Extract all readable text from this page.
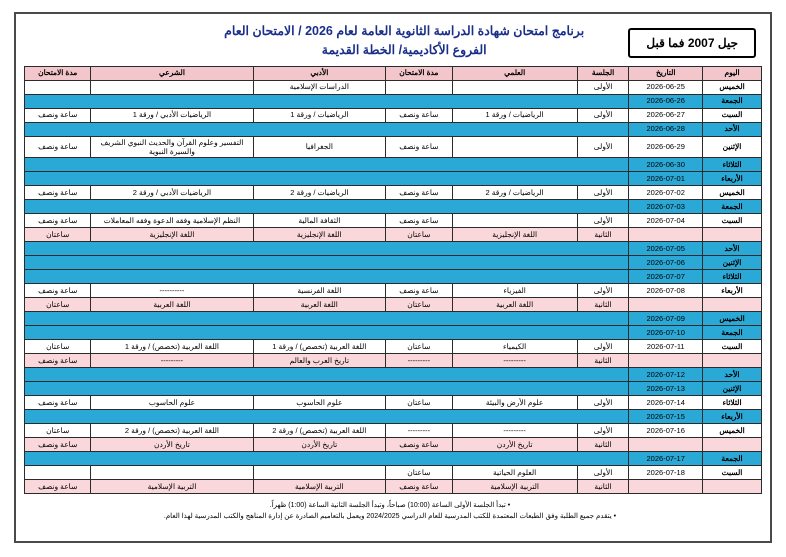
جيل 2007 فما قبل
برنامج امتحان شهادة الدراسة الثانوية العامة لعام 2026 / الامتحان العام
الفروع الأكاديمية/ الخطة القديمة
اليوم	التاريخ	الجلسة	العلمي	مدة الامتحان	الأدبي	الشرعي	مدة الامتحان
الخميس	2026-06-25	الأولى			الدراسات الإسلامية		
الجمعة	2026-06-26						
السبت	2026-06-27	الأولى	الرياضيات / ورقة 1	ساعة ونصف	الرياضيات / ورقة 1	الرياضيات الأدبي / ورقة 1	ساعة ونصف
الأحد	2026-06-28						
الإثنين	2026-06-29	الأولى		ساعة ونصف	الجغرافيا	التفسير وعلوم القرآن والحديث النبوي الشريف والسيرة النبوية	ساعة ونصف
الثلاثاء	2026-06-30						
الأربعاء	2026-07-01						
الخميس	2026-07-02	الأولى	الرياضيات / ورقة 2	ساعة ونصف	الرياضيات / ورقة 2	الرياضيات الأدبي / ورقة 2	ساعة ونصف
الجمعة	2026-07-03						
السبت	2026-07-04	الأولى		ساعة ونصف	الثقافة المالية	النظم الإسلامية وفقه الدعوة وفقه المعاملات	ساعة ونصف
		الثانية	اللغة الإنجليزية	ساعتان	اللغة الإنجليزية	اللغة الإنجليزية	ساعتان
الأحد	2026-07-05						
الإثنين	2026-07-06						
الثلاثاء	2026-07-07						
الأربعاء	2026-07-08	الأولى	الفيزياء	ساعة ونصف	اللغة الفرنسية	----------	ساعة ونصف
		الثانية	اللغة العربية	ساعتان	اللغة العربية	اللغة العربية	ساعتان
الخميس	2026-07-09						
الجمعة	2026-07-10						
السبت	2026-07-11	الأولى	الكيمياء	ساعتان	اللغة العربية (تخصص) / ورقة 1	اللغة العربية (تخصص) / ورقة 1	ساعتان
		الثانية	---------	---------	تاريخ العرب والعالم	---------	ساعة ونصف
الأحد	2026-07-12						
الإثنين	2026-07-13						
الثلاثاء	2026-07-14	الأولى	علوم الأرض والبيئة	ساعتان	علوم الحاسوب	علوم الحاسوب	ساعة ونصف
الأربعاء	2026-07-15						
الخميس	2026-07-16	الأولى	---------	---------	اللغة العربية (تخصص) / ورقة 2	اللغة العربية (تخصص) / ورقة 2	ساعتان
		الثانية	تاريخ الأردن	ساعة ونصف	تاريخ الأردن	تاريخ الأردن	ساعة ونصف
الجمعة	2026-07-17						
السبت	2026-07-18	الأولى	العلوم الحياتية	ساعتان			
		الثانية	التربية الإسلامية	ساعة ونصف	التربية الإسلامية	التربية الإسلامية	ساعة ونصف
• تبدأ الجلسة الأولى الساعة (10:00) صباحاً، وتبدأ الجلسة الثانية الساعة (1:00) ظهراً.
• يتقدم جميع الطلبة وفق الطبعات المعتمدة للكتب المدرسية للعام الدراسي 2024/2025 ويعمل بالتعاميم الصادرة عن إدارة المناهج والكتب المدرسية لهذا العام.
